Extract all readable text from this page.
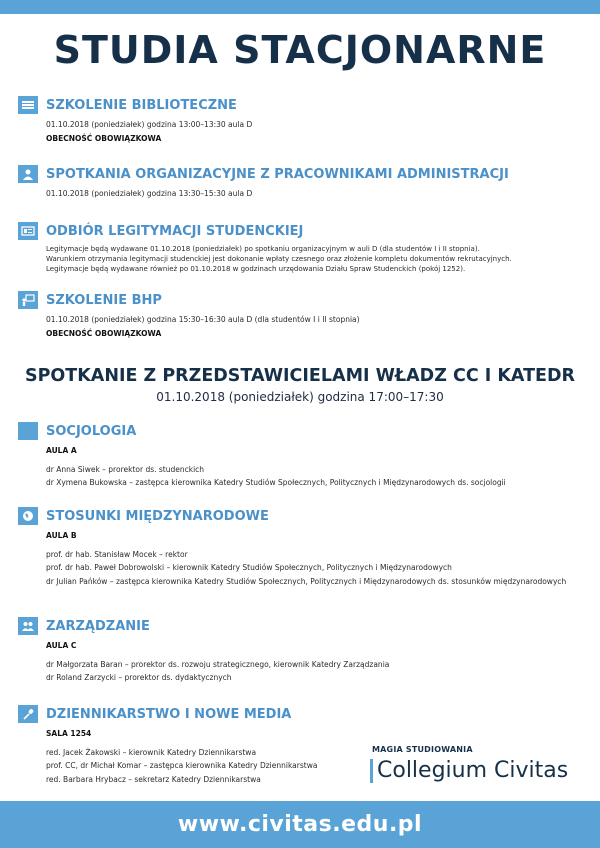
STUDIA STACJONARNE
SZKOLENIE BIBLIOTECZNE
01.10.2018 (poniedziałek) godzina 13:00–13:30 aula D
OBECNOŚĆ OBOWIĄZKOWA
SPOTKANIA ORGANIZACYJNE Z PRACOWNIKAMI ADMINISTRACJI
01.10.2018 (poniedziałek) godzina 13:30–15:30 aula D
ODBIÓR LEGITYMACJI STUDENCKIEJ
Legitymacje będą wydawane 01.10.2018 (poniedziałek) po spotkaniu organizacyjnym w auli D (dla studentów I i II stopnia).
Warunkiem otrzymania legitymacji studenckiej jest dokonanie wpłaty czesnego oraz złożenie kompletu dokumentów rekrutacyjnych.
Legitymacje będą wydawane również po 01.10.2018 w godzinach urzędowania Działu Spraw Studenckich (pokój 1252).
SZKOLENIE BHP
01.10.2018 (poniedziałek) godzina 15:30–16:30 aula D (dla studentów I i II stopnia)
OBECNOŚĆ OBOWIĄZKOWA
SPOTKANIE Z PRZEDSTAWICIELAMI WŁADZ CC I KATEDR
01.10.2018 (poniedziałek) godzina 17:00–17:30
SOCJOLOGIA
AULA A
dr Anna Siwek – prorektor ds. studenckich
dr Xymena Bukowska – zastępca kierownika Katedry Studiów Społecznych, Politycznych i Międzynarodowych ds. socjologii
STOSUNKI MIĘDZYNARODOWE
AULA B
prof. dr hab. Stanisław Mocek – rektor
prof. dr hab. Paweł Dobrowolski – kierownik Katedry Studiów Społecznych, Politycznych i Międzynarodowych
dr Julian Pańków – zastępca kierownika Katedry Studiów Społecznych, Politycznych i Międzynarodowych ds. stosunków międzynarodowych
ZARZĄDZANIE
AULA C
dr Małgorzata Baran – prorektor ds. rozwoju strategicznego, kierownik Katedry Zarządzania
dr Roland Zarzycki – prorektor ds. dydaktycznych
DZIENNIKARSTWO I NOWE MEDIA
SALA 1254
red. Jacek Żakowski – kierownik Katedry Dziennikarstwa
prof. CC, dr Michał Komar – zastępca kierownika Katedry Dziennikarstwa
red. Barbara Hrybacz – sekretarz Katedry Dziennikarstwa
MAGIA STUDIOWANIA
Collegium Civitas
www.civitas.edu.pl
